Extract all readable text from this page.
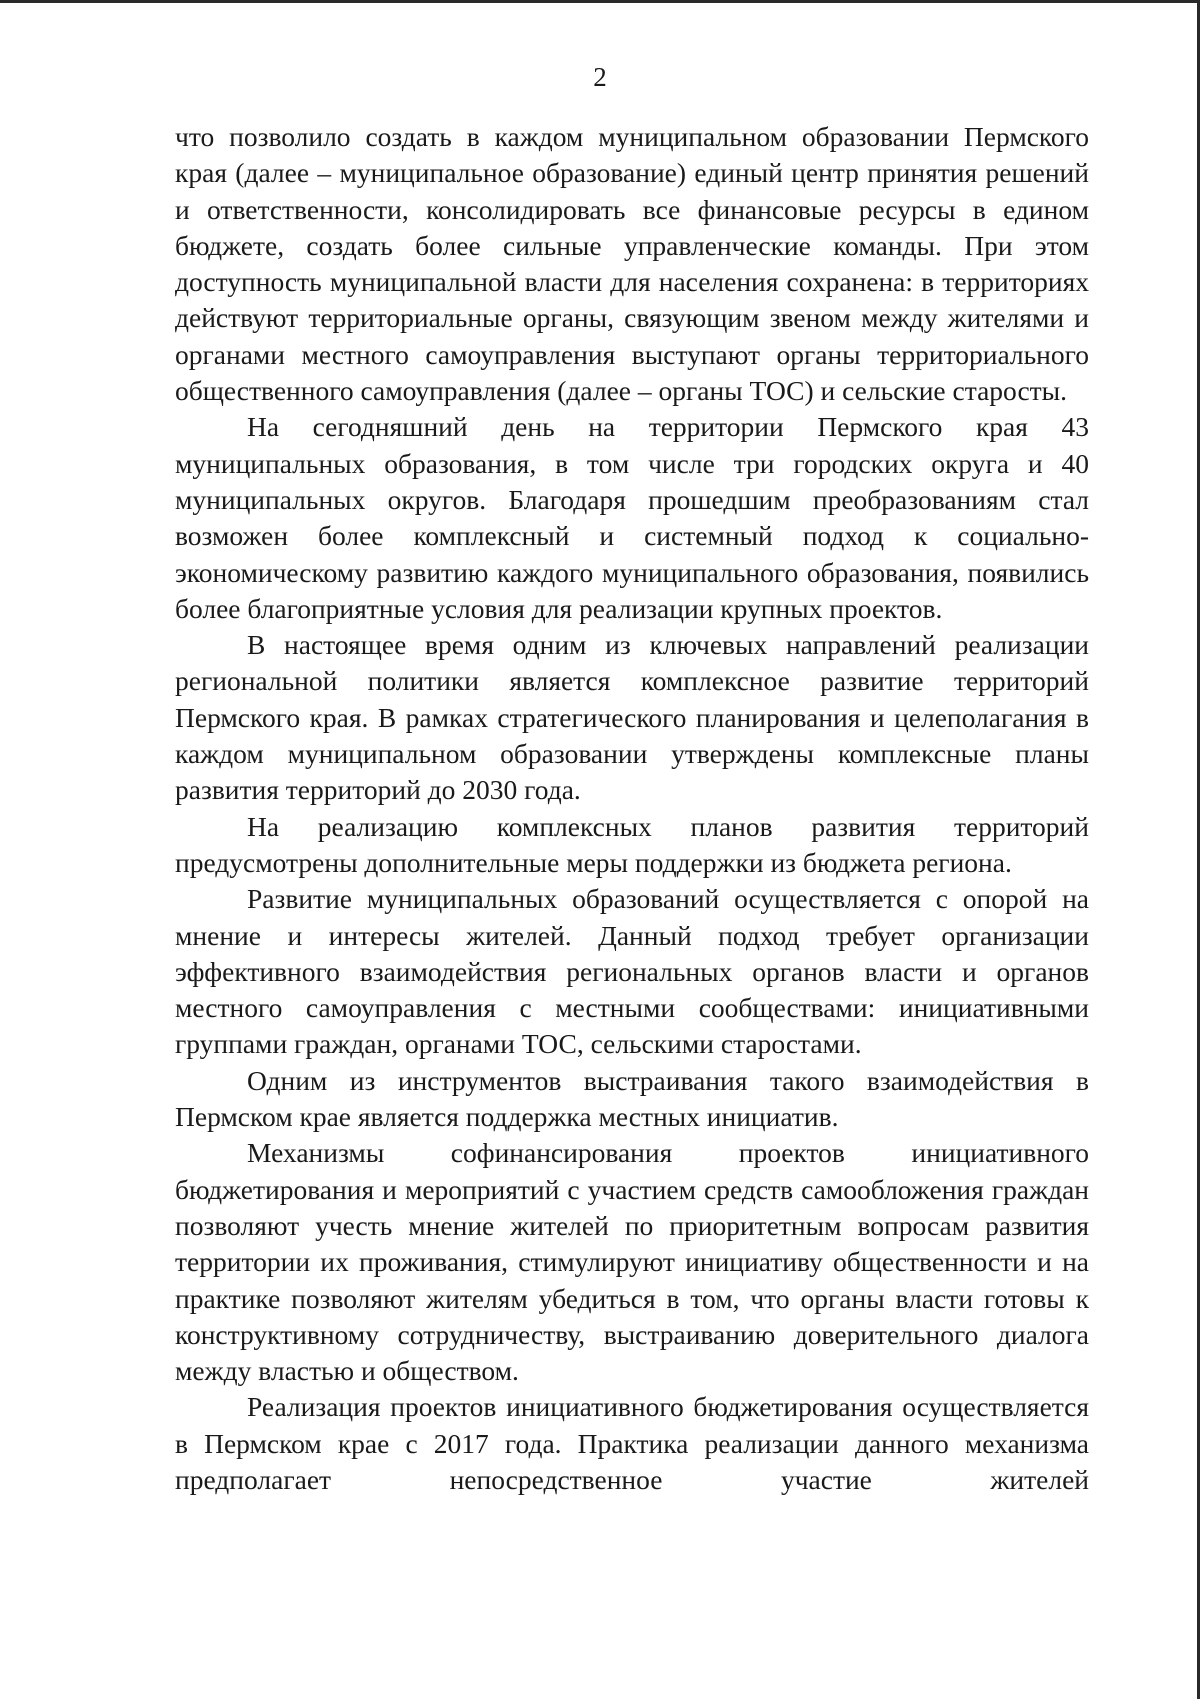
2

что позволило создать в каждом муниципальном образовании Пермского края (далее – муниципальное образование) единый центр принятия решений и ответственности, консолидировать все финансовые ресурсы в едином бюджете, создать более сильные управленческие команды. При этом доступность муниципальной власти для населения сохранена: в территориях действуют территориальные органы, связующим звеном между жителями и органами местного самоуправления выступают органы территориального общественного самоуправления (далее – органы ТОС) и сельские старосты.

На сегодняшний день на территории Пермского края 43 муниципальных образования, в том числе три городских округа и 40 муниципальных округов. Благодаря прошедшим преобразованиям стал возможен более комплексный и системный подход к социально-экономическому развитию каждого муниципального образования, появились более благоприятные условия для реализации крупных проектов.

В настоящее время одним из ключевых направлений реализации региональной политики является комплексное развитие территорий Пермского края. В рамках стратегического планирования и целеполагания в каждом муниципальном образовании утверждены комплексные планы развития территорий до 2030 года.

На реализацию комплексных планов развития территорий предусмотрены дополнительные меры поддержки из бюджета региона.

Развитие муниципальных образований осуществляется с опорой на мнение и интересы жителей. Данный подход требует организации эффективного взаимодействия региональных органов власти и органов местного самоуправления с местными сообществами: инициативными группами граждан, органами ТОС, сельскими старостами.

Одним из инструментов выстраивания такого взаимодействия в Пермском крае является поддержка местных инициатив.

Механизмы софинансирования проектов инициативного бюджетирования и мероприятий с участием средств самообложения граждан позволяют учесть мнение жителей по приоритетным вопросам развития территории их проживания, стимулируют инициативу общественности и на практике позволяют жителям убедиться в том, что органы власти готовы к конструктивному сотрудничеству, выстраиванию доверительного диалога между властью и обществом.

Реализация проектов инициативного бюджетирования осуществляется в Пермском крае с 2017 года. Практика реализации данного механизма предполагает непосредственное участие жителей
